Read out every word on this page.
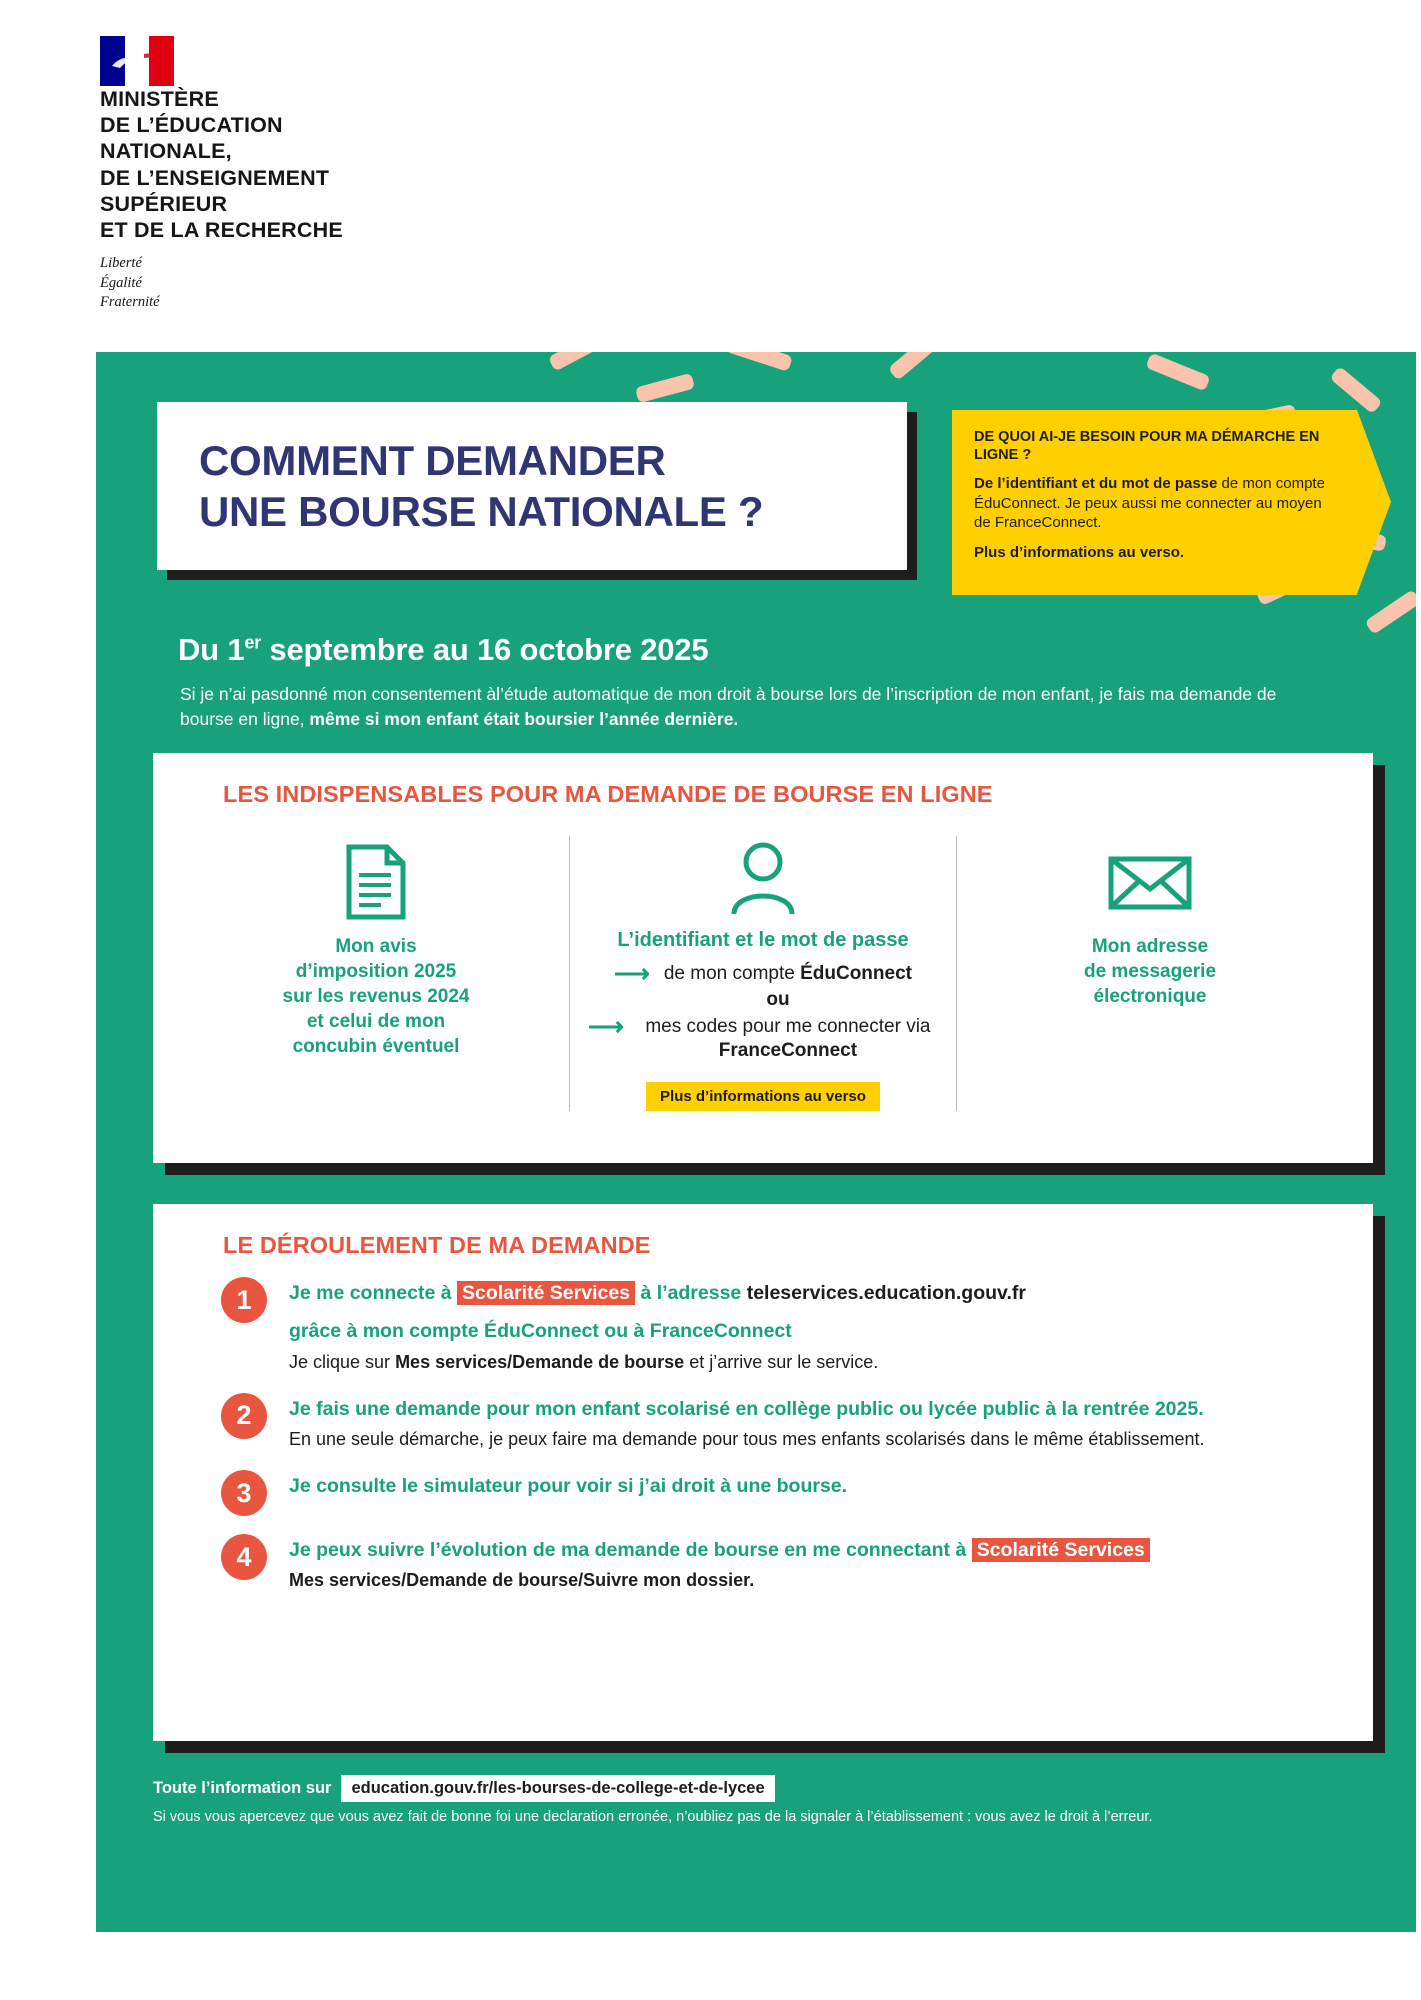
MINISTÈRE
DE L’ÉDUCATION
NATIONALE,
DE L’ENSEIGNEMENT
SUPÉRIEUR
ET DE LA RECHERCHE
Liberté
Égalité
Fraternité
COMMENT DEMANDER
UNE BOURSE NATIONALE ?
DE QUOI AI-JE BESOIN POUR MA DÉMARCHE EN LIGNE ?

De l’identifiant et du mot de passe de mon compte ÉduConnect. Je peux aussi me connecter au moyen de FranceConnect.

Plus d’informations au verso.

Du 1er septembre au 16 octobre 2025
Si je n’ai pasdonné mon consentement àl’étude automatique de mon droit à bourse lors de l’inscription de mon enfant, je fais ma demande de bourse en ligne, même si mon enfant était boursier l’année dernière.
LES INDISPENSABLES POUR MA DEMANDE DE BOURSE EN LIGNE
Mon avis
d’imposition 2025
sur les revenus 2024
et celui de mon
concubin éventuel
L’identifiant et le mot de passe
⟶ de mon compte ÉduConnect
ou
⟶	mes codes pour me connecter via FranceConnect
Plus d’informations au verso
Mon adresse
de messagerie
électronique
LE DÉROULEMENT DE MA DEMANDE
1	Je me connecte à Scolarité Services à l’adresse teleservices.education.gouv.fr
grâce à mon compte ÉduConnect ou à FranceConnect
Je clique sur Mes services/Demande de bourse et j’arrive sur le service.
2	Je fais une demande pour mon enfant scolarisé en collège public ou lycée public à la rentrée 2025.
En une seule démarche, je peux faire ma demande pour tous mes enfants scolarisés dans le même établissement.
3	Je consulte le simulateur pour voir si j’ai droit à une bourse.
4	Je peux suivre l’évolution de ma demande de bourse en me connectant à Scolarité Services
Mes services/Demande de bourse/Suivre mon dossier.
Toute l’information sur	education.gouv.fr/les-bourses-de-college-et-de-lycee
Si vous vous apercevez que vous avez fait de bonne foi une declaration erronée, n’oubliez pas de la signaler à l’établissement : vous avez le droit à l’erreur.
